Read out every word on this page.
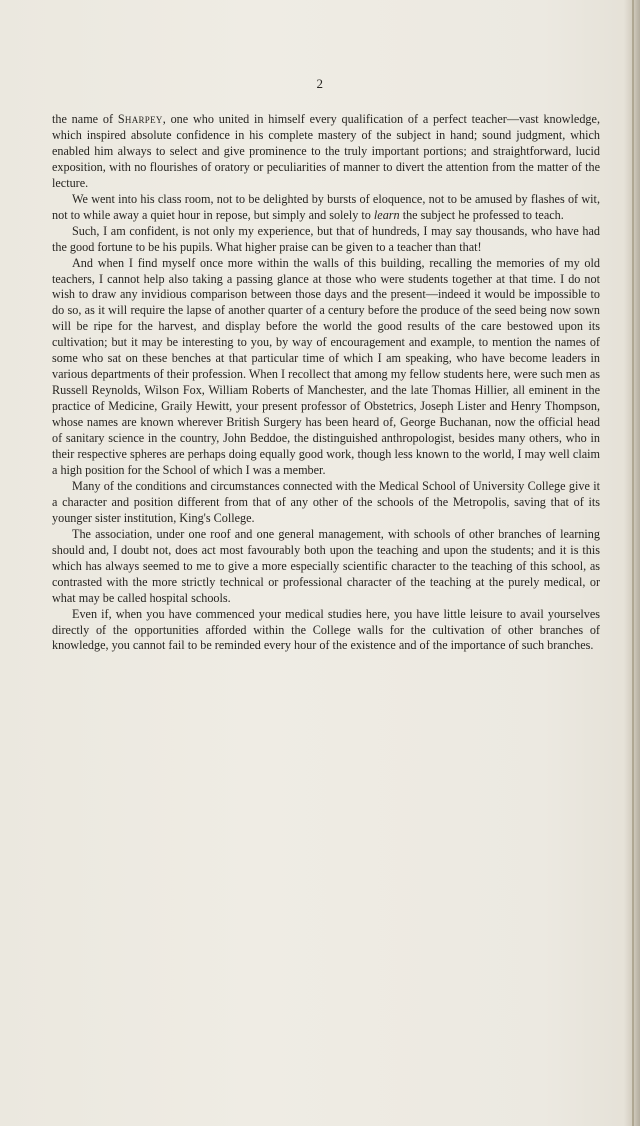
2

the name of Sharpey, one who united in himself every qualification of a perfect teacher—vast knowledge, which inspired absolute confidence in his complete mastery of the subject in hand; sound judgment, which enabled him always to select and give prominence to the truly important portions; and straightforward, lucid exposition, with no flourishes of oratory or peculiarities of manner to divert the attention from the matter of the lecture.

We went into his class room, not to be delighted by bursts of eloquence, not to be amused by flashes of wit, not to while away a quiet hour in repose, but simply and solely to learn the subject he professed to teach.

Such, I am confident, is not only my experience, but that of hundreds, I may say thousands, who have had the good fortune to be his pupils. What higher praise can be given to a teacher than that!

And when I find myself once more within the walls of this building, recalling the memories of my old teachers, I cannot help also taking a passing glance at those who were students together at that time. I do not wish to draw any invidious comparison between those days and the present—indeed it would be impossible to do so, as it will require the lapse of another quarter of a century before the produce of the seed being now sown will be ripe for the harvest, and display before the world the good results of the care bestowed upon its cultivation; but it may be interesting to you, by way of encouragement and example, to mention the names of some who sat on these benches at that particular time of which I am speaking, who have become leaders in various departments of their profession. When I recollect that among my fellow students here, were such men as Russell Reynolds, Wilson Fox, William Roberts of Manchester, and the late Thomas Hillier, all eminent in the practice of Medicine, Graily Hewitt, your present professor of Obstetrics, Joseph Lister and Henry Thompson, whose names are known wherever British Surgery has been heard of, George Buchanan, now the official head of sanitary science in the country, John Beddoe, the distinguished anthropologist, besides many others, who in their respective spheres are perhaps doing equally good work, though less known to the world, I may well claim a high position for the School of which I was a member.

Many of the conditions and circumstances connected with the Medical School of University College give it a character and position different from that of any other of the schools of the Metropolis, saving that of its younger sister institution, King's College.

The association, under one roof and one general management, with schools of other branches of learning should and, I doubt not, does act most favourably both upon the teaching and upon the students; and it is this which has always seemed to me to give a more especially scientific character to the teaching of this school, as contrasted with the more strictly technical or professional character of the teaching at the purely medical, or what may be called hospital schools.

Even if, when you have commenced your medical studies here, you have little leisure to avail yourselves directly of the opportunities afforded within the College walls for the cultivation of other branches of knowledge, you cannot fail to be reminded every hour of the existence and of the importance of such branches.
